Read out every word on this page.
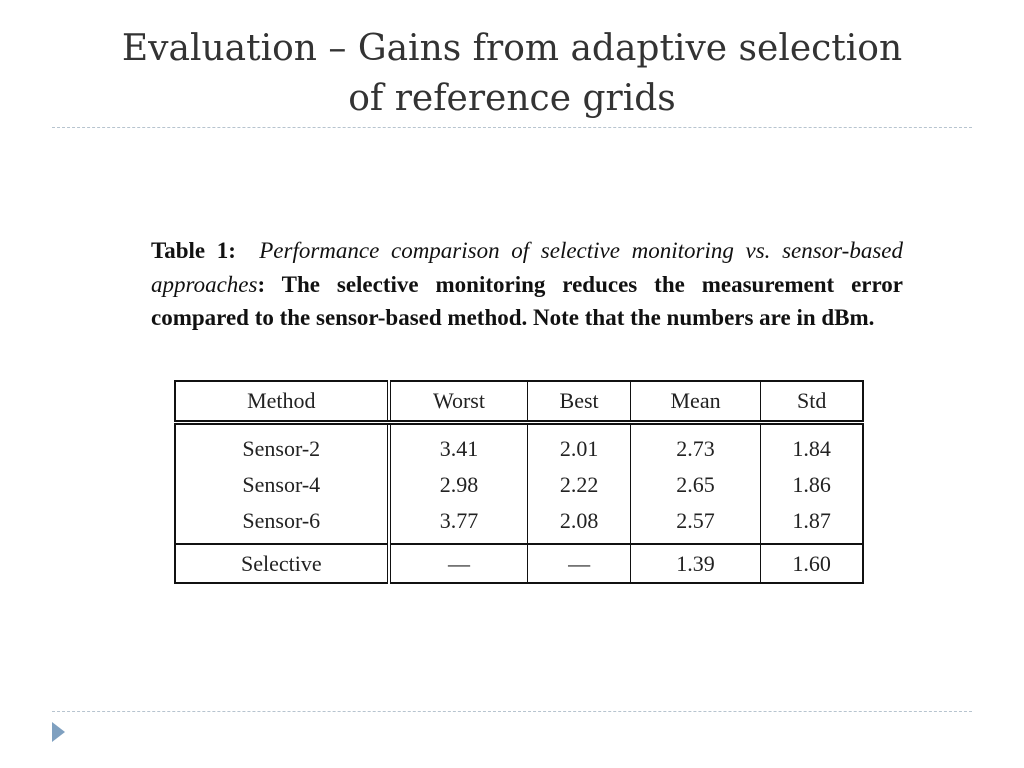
Evaluation – Gains from adaptive selection
of reference grids
Table 1: Performance comparison of selective monitoring vs. sensor-based approaches: The selective monitoring reduces the measurement error compared to the sensor-based method. Note that the numbers are in dBm.
Method	Worst	Best	Mean	Std
Sensor-2	3.41	2.01	2.73	1.84
Sensor-4	2.98	2.22	2.65	1.86
Sensor-6	3.77	2.08	2.57	1.87
Selective	—	—	1.39	1.60
